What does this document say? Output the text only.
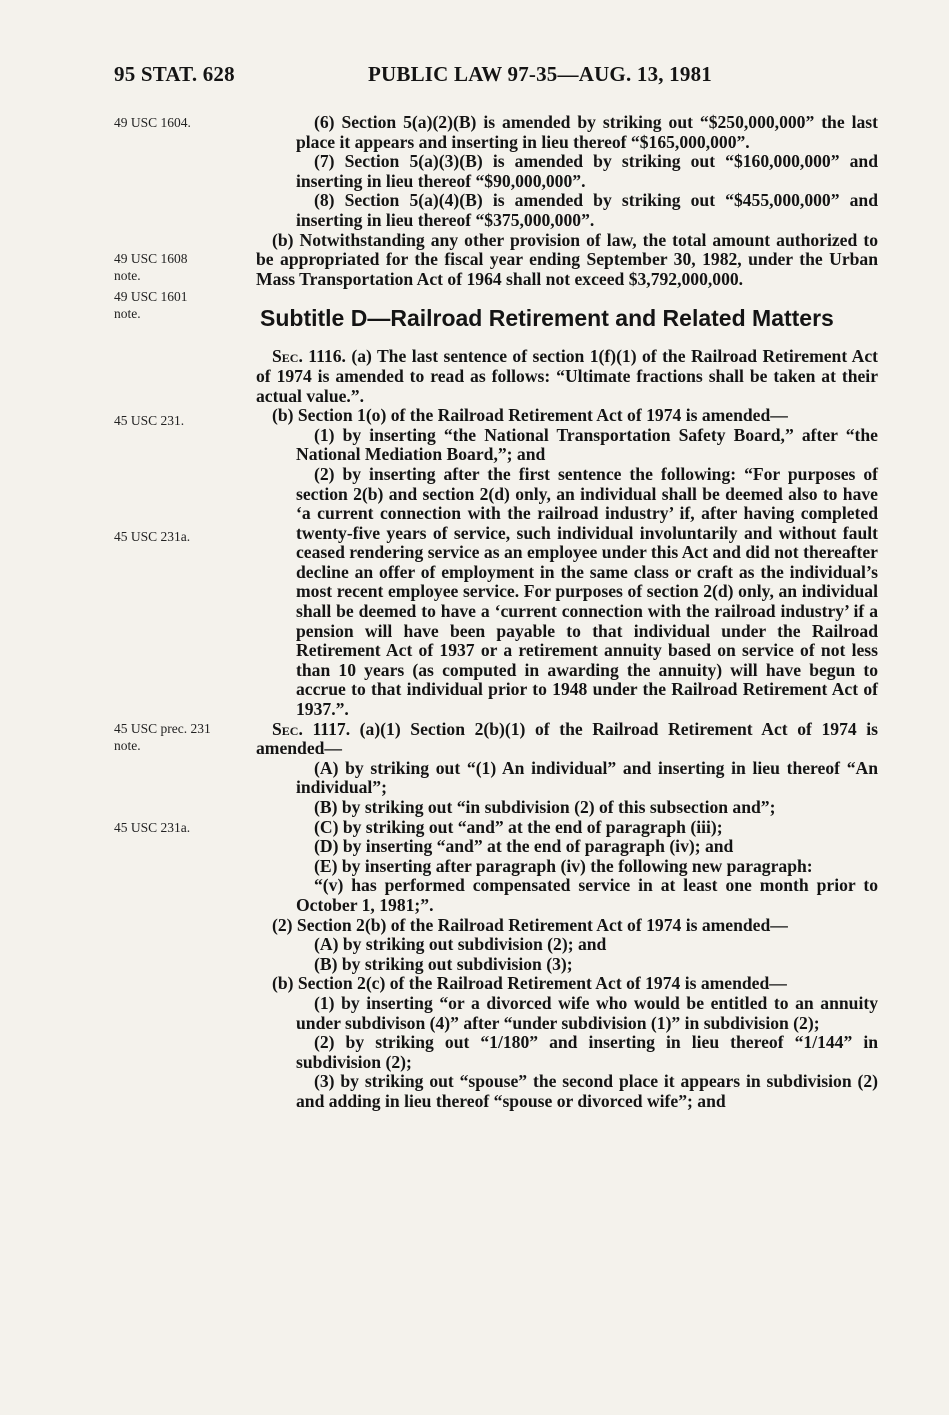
95 STAT. 628	PUBLIC LAW 97-35—AUG. 13, 1981
49 USC 1604.
49 USC 1608 note.
49 USC 1601 note.
45 USC 231.
45 USC 231a.
45 USC prec. 231 note.
45 USC 231a.

(6) Section 5(a)(2)(B) is amended by striking out “$250,000,000” the last place it appears and inserting in lieu thereof “$165,000,000”.

(7) Section 5(a)(3)(B) is amended by striking out “$160,000,000” and inserting in lieu thereof “$90,000,000”.

(8) Section 5(a)(4)(B) is amended by striking out “$455,000,000” and inserting in lieu thereof “$375,000,000”.

(b) Notwithstanding any other provision of law, the total amount authorized to be appropriated for the fiscal year ending September 30, 1982, under the Urban Mass Transportation Act of 1964 shall not exceed $3,792,000,000.

Subtitle D—Railroad Retirement and Related Matters

Sec. 1116. (a) The last sentence of section 1(f)(1) of the Railroad Retirement Act of 1974 is amended to read as follows: “Ultimate fractions shall be taken at their actual value.”.

(b) Section 1(o) of the Railroad Retirement Act of 1974 is amended—

(1) by inserting “the National Transportation Safety Board,” after “the National Mediation Board,”; and

(2) by inserting after the first sentence the following: “For purposes of section 2(b) and section 2(d) only, an individual shall be deemed also to have ‘a current connection with the railroad industry’ if, after having completed twenty-five years of service, such individual involuntarily and without fault ceased rendering service as an employee under this Act and did not thereafter decline an offer of employment in the same class or craft as the individual’s most recent employee service. For purposes of section 2(d) only, an individual shall be deemed to have a ‘current connection with the railroad industry’ if a pension will have been payable to that individual under the Railroad Retirement Act of 1937 or a retirement annuity based on service of not less than 10 years (as computed in awarding the annuity) will have begun to accrue to that individual prior to 1948 under the Railroad Retirement Act of 1937.”.

Sec. 1117. (a)(1) Section 2(b)(1) of the Railroad Retirement Act of 1974 is amended—

(A) by striking out “(1) An individual” and inserting in lieu thereof “An individual”;

(B) by striking out “in subdivision (2) of this subsection and”;

(C) by striking out “and” at the end of paragraph (iii);

(D) by inserting “and” at the end of paragraph (iv); and

(E) by inserting after paragraph (iv) the following new paragraph:

“(v) has performed compensated service in at least one month prior to October 1, 1981;”.

(2) Section 2(b) of the Railroad Retirement Act of 1974 is amended—

(A) by striking out subdivision (2); and

(B) by striking out subdivision (3);

(b) Section 2(c) of the Railroad Retirement Act of 1974 is amended—

(1) by inserting “or a divorced wife who would be entitled to an annuity under subdivison (4)” after “under subdivision (1)” in subdivision (2);

(2) by striking out “1/180” and inserting in lieu thereof “1/144” in subdivision (2);

(3) by striking out “spouse” the second place it appears in subdivision (2) and adding in lieu thereof “spouse or divorced wife”; and
